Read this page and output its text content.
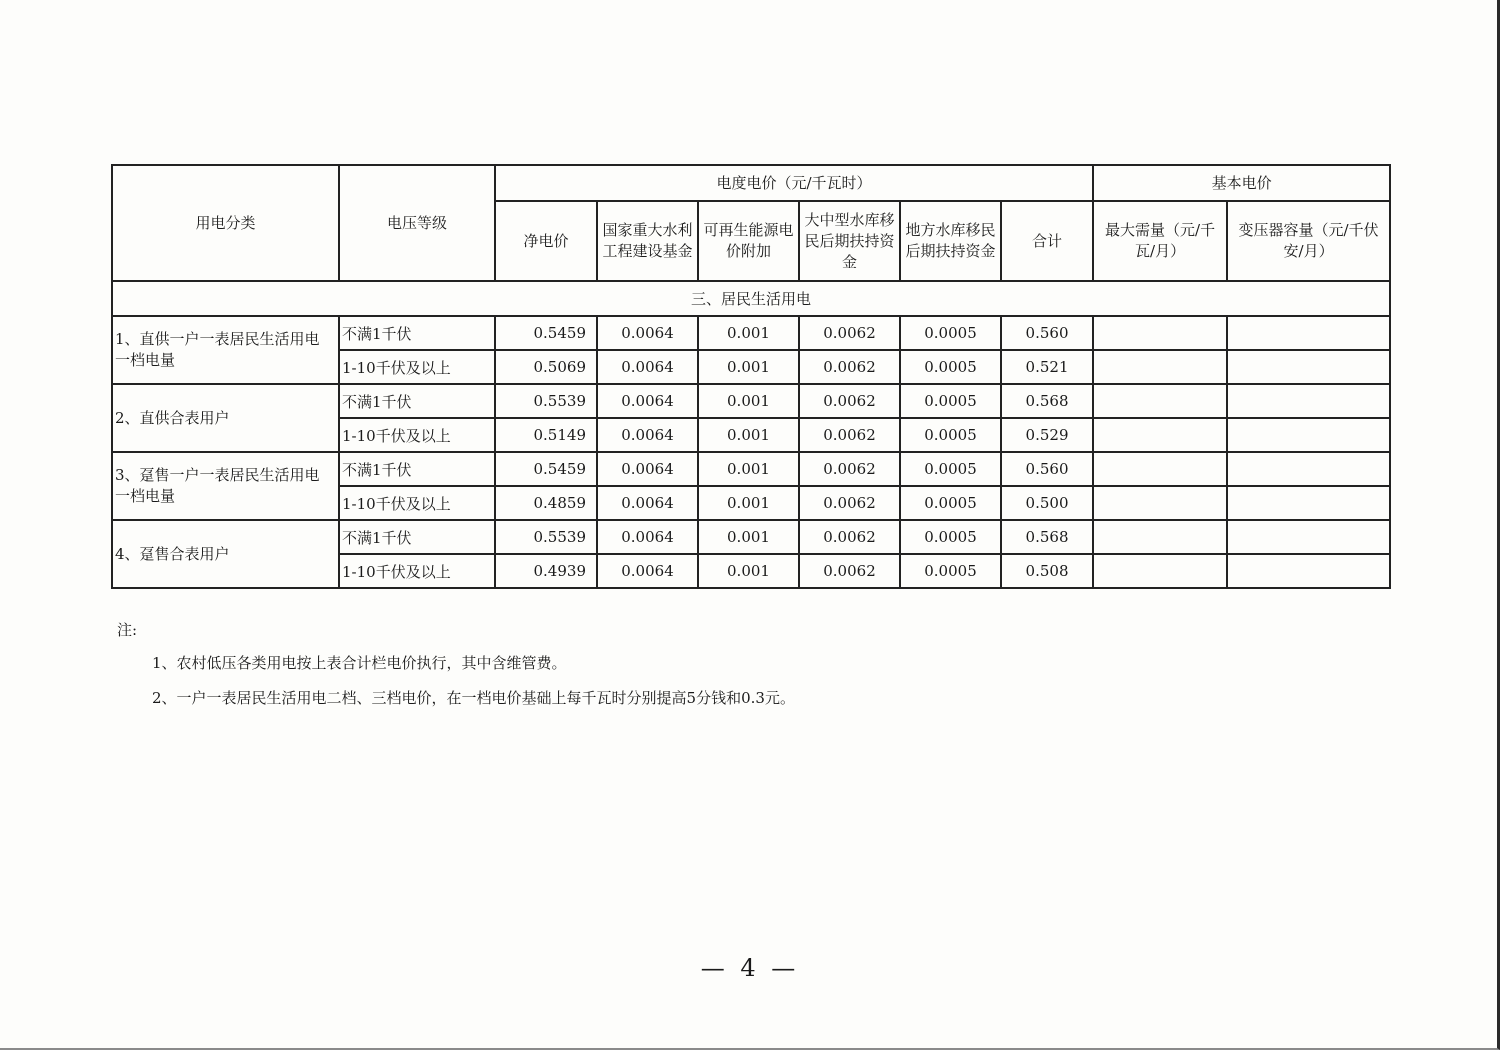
用电分类	电压等级	电度电价（元/千瓦时）						基本电价	
		净电价	国家重大水利工程建设基金	可再生能源电价附加	大中型水库移民后期扶持资金	地方水库移民后期扶持资金	合计	最大需量（元/千瓦/月）	变压器容量（元/千伏安/月）
三、居民生活用电									
1、直供一户一表居民生活用电一档电量	不满1千伏	0.5459	0.0064	0.001	0.0062	0.0005	0.560		
	1-10千伏及以上	0.5069	0.0064	0.001	0.0062	0.0005	0.521		
2、直供合表用户	不满1千伏	0.5539	0.0064	0.001	0.0062	0.0005	0.568		
	1-10千伏及以上	0.5149	0.0064	0.001	0.0062	0.0005	0.529		
3、趸售一户一表居民生活用电一档电量	不满1千伏	0.5459	0.0064	0.001	0.0062	0.0005	0.560		
	1-10千伏及以上	0.4859	0.0064	0.001	0.0062	0.0005	0.500		
4、趸售合表用户	不满1千伏	0.5539	0.0064	0.001	0.0062	0.0005	0.568		
	1-10千伏及以上	0.4939	0.0064	0.001	0.0062	0.0005	0.508		
注:
1、农村低压各类用电按上表合计栏电价执行，其中含维管费。
2、一户一表居民生活用电二档、三档电价，在一档电价基础上每千瓦时分别提高5分钱和0.3元。
— 4 —
